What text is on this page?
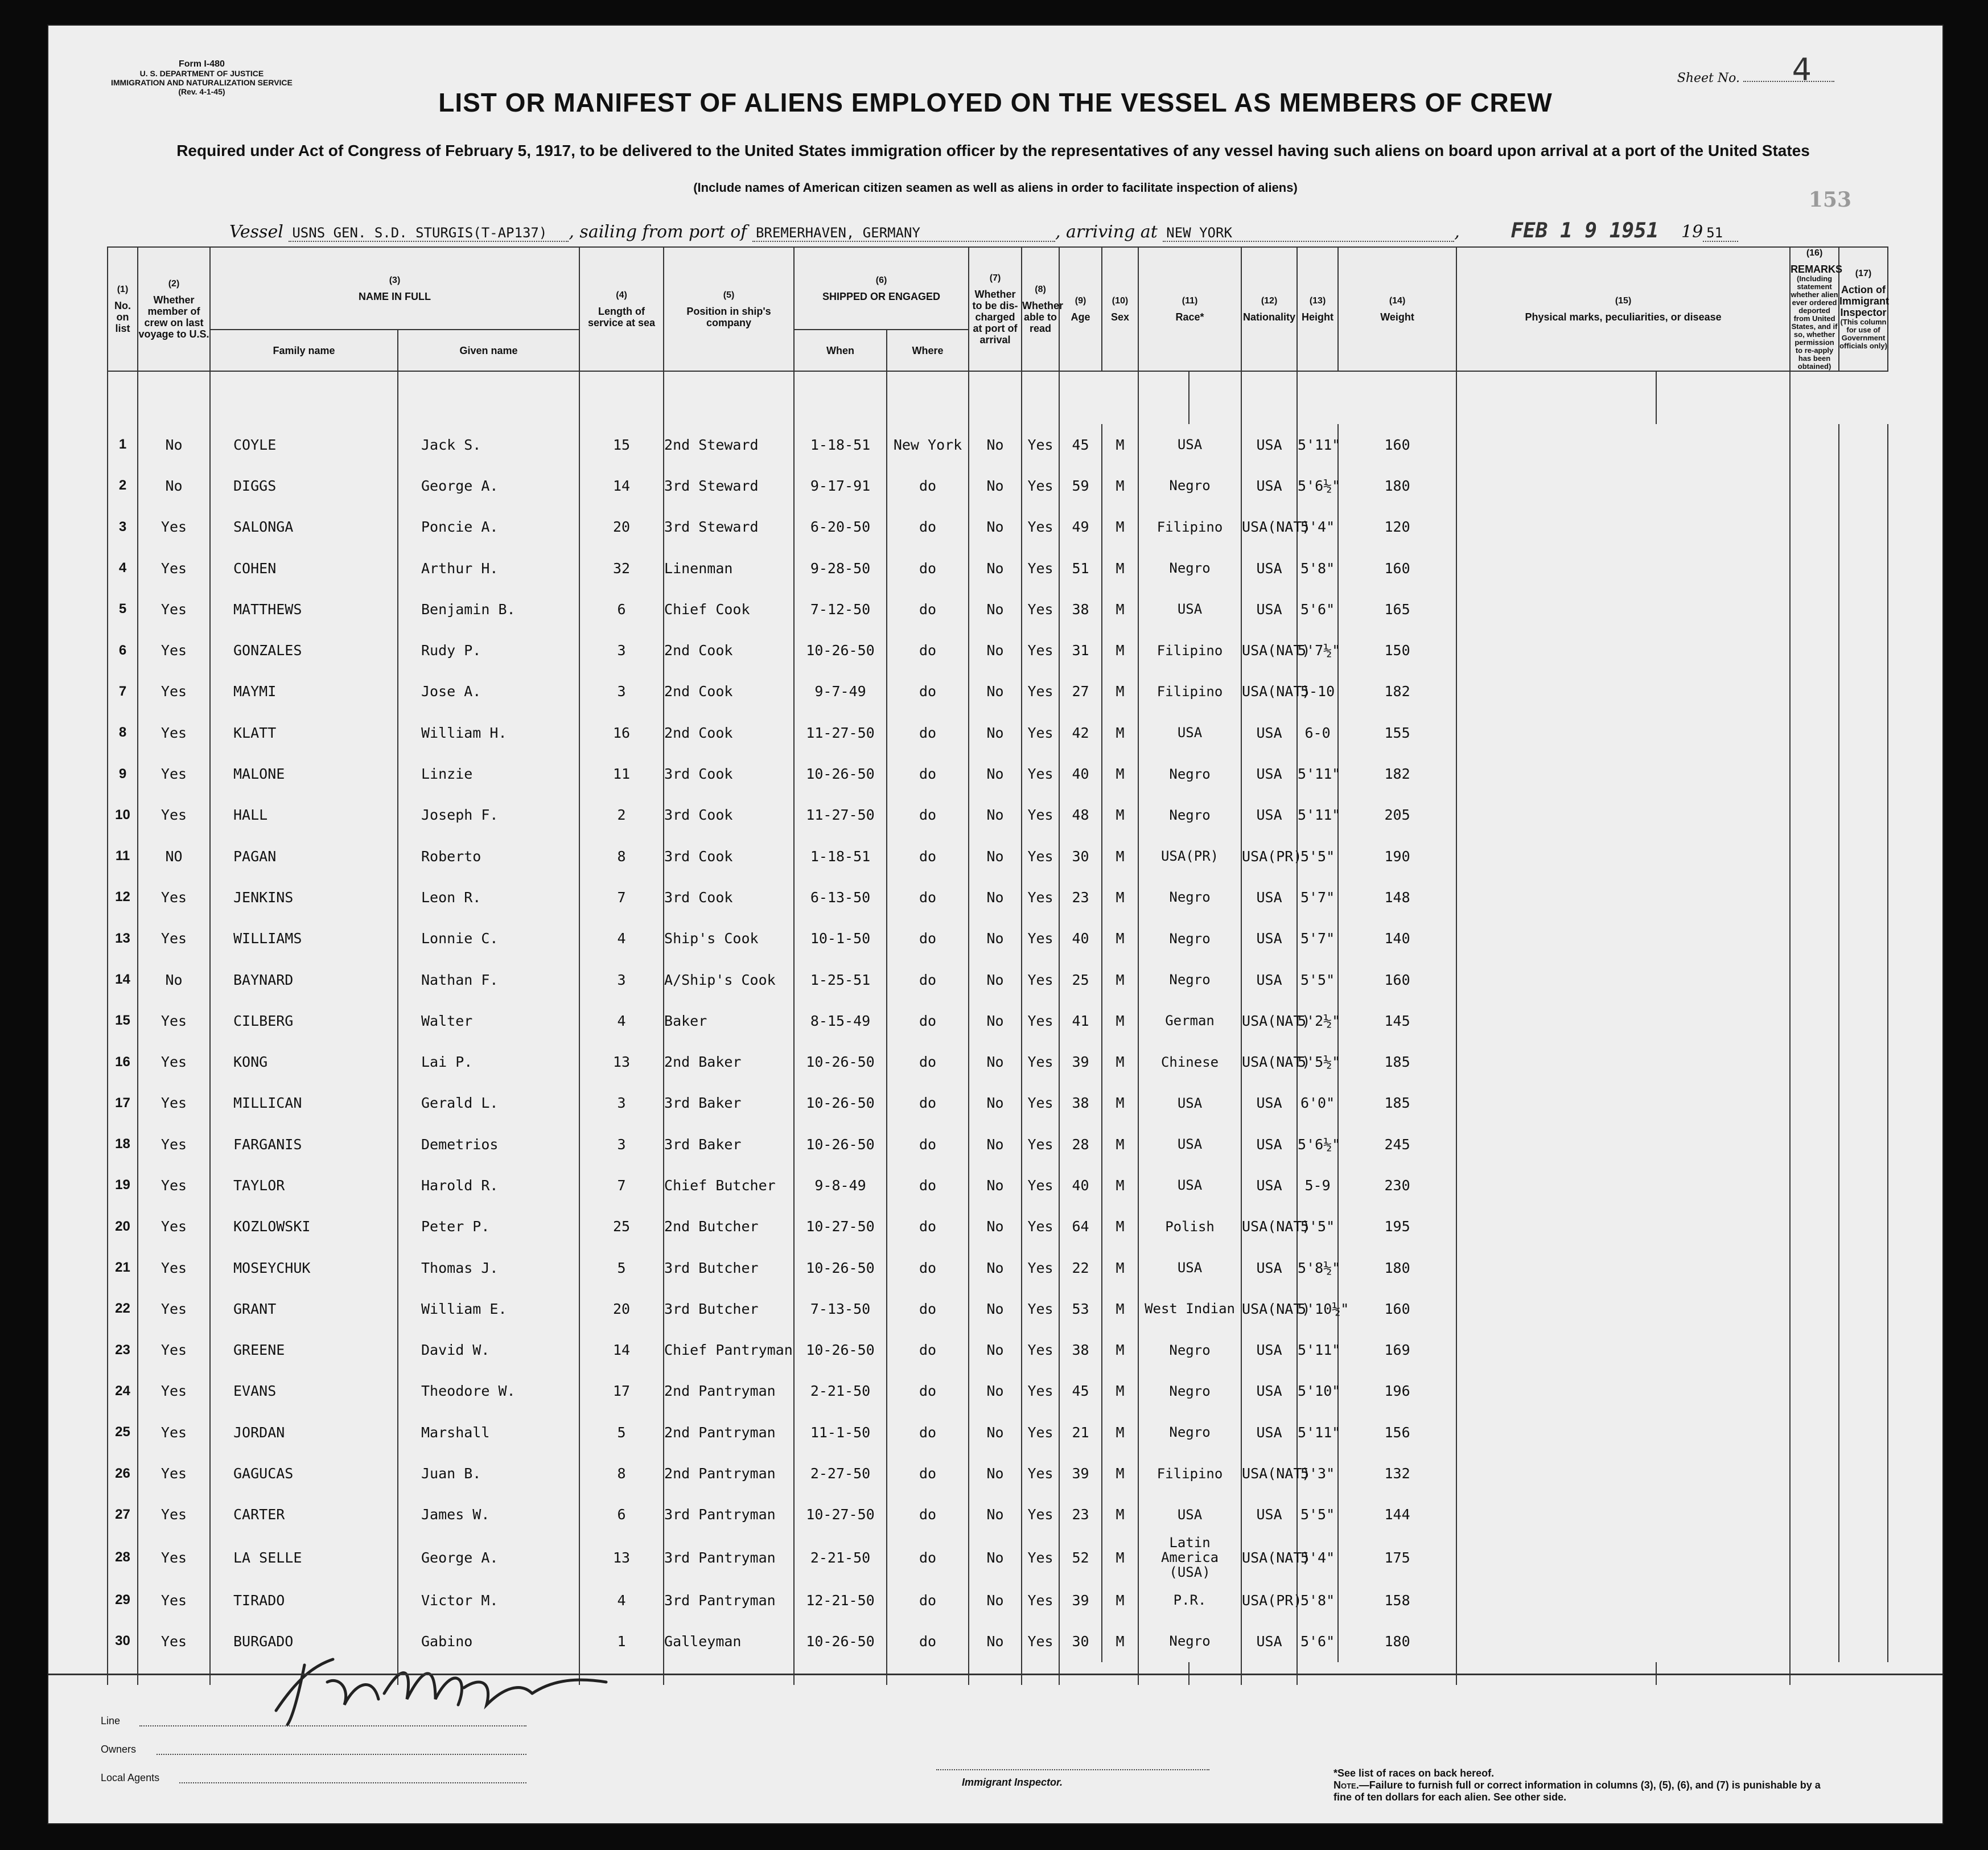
Form I-480
U. S. DEPARTMENT OF JUSTICE
IMMIGRATION AND NATURALIZATION SERVICE
(Rev. 4-1-45)
Sheet No. 4
LIST OR MANIFEST OF ALIENS EMPLOYED ON THE VESSEL AS MEMBERS OF CREW
Required under Act of Congress of February 5, 1917, to be delivered to the United States immigration officer by the representatives of any vessel having such aliens on board upon arrival at a port of the United States
(Include names of American citizen seamen as well as aliens in order to facilitate inspection of aliens)
153
Vessel USNS GEN. S.D. STURGIS(T-AP137) , sailing from port of BREMERHAVEN, GERMANY	, arriving at NEW YORK	, FEB 1 9 1951 19 51
(1)
No. on list	(2)
Whether member of crew on last voyage to U.S.	(3)
NAME IN FULL		(4)
Length of service at sea	(5)
Position in ship's company	(6)
SHIPPED OR ENGAGED		(7)
Whether to be dis-charged at port of arrival	(8)
Whether able to read	(9)
Age	(10)
Sex	(11)
Race*		(12)
Nationality	(13)
Height	(14)
Weight	(15)
Physical marks, peculiarities, or disease		(16)
REMARKS

(Including statement whether alien ever ordered deported from United States, and if so, whether permission to re-apply has been obtained)	(17)
Action of Immigrant Inspector

(This column for use of Government officials only)

		Family name	Given name			When	Where													

1	No	COYLE	Jack S.	15	2nd Steward	1-18-51	New York	No	Yes	45	M	USA		USA	5'11"	160				
2	No	DIGGS	George A.	14	3rd Steward	9-17-91	do	No	Yes	59	M	Negro		USA	5'6½"	180				
3	Yes	SALONGA	Poncie A.	20	3rd Steward	6-20-50	do	No	Yes	49	M	Filipino		USA(NAT)	5'4"	120				
4	Yes	COHEN	Arthur H.	32	Linenman	9-28-50	do	No	Yes	51	M	Negro		USA	5'8"	160				
5	Yes	MATTHEWS	Benjamin B.	6	Chief Cook	7-12-50	do	No	Yes	38	M	USA		USA	5'6"	165				
6	Yes	GONZALES	Rudy P.	3	2nd Cook	10-26-50	do	No	Yes	31	M	Filipino		USA(NAT)	5'7½"	150				
7	Yes	MAYMI	Jose A.	3	2nd Cook	9-7-49	do	No	Yes	27	M	Filipino		USA(NAT)	5-10	182				
8	Yes	KLATT	William H.	16	2nd Cook	11-27-50	do	No	Yes	42	M	USA		USA	6-0	155				
9	Yes	MALONE	Linzie	11	3rd Cook	10-26-50	do	No	Yes	40	M	Negro		USA	5'11"	182				
10	Yes	HALL	Joseph F.	2	3rd Cook	11-27-50	do	No	Yes	48	M	Negro		USA	5'11"	205				
11	NO	PAGAN	Roberto	8	3rd Cook	1-18-51	do	No	Yes	30	M	USA(PR)		USA(PR)	5'5"	190				
12	Yes	JENKINS	Leon R.	7	3rd Cook	6-13-50	do	No	Yes	23	M	Negro		USA	5'7"	148				
13	Yes	WILLIAMS	Lonnie C.	4	Ship's Cook	10-1-50	do	No	Yes	40	M	Negro		USA	5'7"	140				
14	No	BAYNARD	Nathan F.	3	A/Ship's Cook	1-25-51	do	No	Yes	25	M	Negro		USA	5'5"	160				
15	Yes	CILBERG	Walter	4	Baker	8-15-49	do	No	Yes	41	M	German		USA(NAT)	5'2½"	145				
16	Yes	KONG	Lai P.	13	2nd Baker	10-26-50	do	No	Yes	39	M	Chinese		USA(NAT)	5'5½"	185				
17	Yes	MILLICAN	Gerald L.	3	3rd Baker	10-26-50	do	No	Yes	38	M	USA		USA	6'0"	185				
18	Yes	FARGANIS	Demetrios	3	3rd Baker	10-26-50	do	No	Yes	28	M	USA		USA	5'6½"	245				
19	Yes	TAYLOR	Harold R.	7	Chief Butcher	9-8-49	do	No	Yes	40	M	USA		USA	5-9	230				
20	Yes	KOZLOWSKI	Peter P.	25	2nd Butcher	10-27-50	do	No	Yes	64	M	Polish		USA(NAT)	5'5"	195				
21	Yes	MOSEYCHUK	Thomas J.	5	3rd Butcher	10-26-50	do	No	Yes	22	M	USA		USA	5'8½"	180				
22	Yes	GRANT	William E.	20	3rd Butcher	7-13-50	do	No	Yes	53	M	West Indian		USA(NAT)	5'10½"	160				
23	Yes	GREENE	David W.	14	Chief Pantryman	10-26-50	do	No	Yes	38	M	Negro		USA	5'11"	169				
24	Yes	EVANS	Theodore W.	17	2nd Pantryman	2-21-50	do	No	Yes	45	M	Negro		USA	5'10"	196				
25	Yes	JORDAN	Marshall	5	2nd Pantryman	11-1-50	do	No	Yes	21	M	Negro		USA	5'11"	156				
26	Yes	GAGUCAS	Juan B.	8	2nd Pantryman	2-27-50	do	No	Yes	39	M	Filipino		USA(NAT)	5'3"	132				
27	Yes	CARTER	James W.	6	3rd Pantryman	10-27-50	do	No	Yes	23	M	USA		USA	5'5"	144				
28	Yes	LA SELLE	George A.	13	3rd Pantryman	2-21-50	do	No	Yes	52	M	Latin America (USA)		USA(NAT)	5'4"	175				
29	Yes	TIRADO	Victor M.	4	3rd Pantryman	12-21-50	do	No	Yes	39	M	P.R.		USA(PR)	5'8"	158				
30	Yes	BURGADO	Gabino	1	Galleyman	10-26-50	do	No	Yes	30	M	Negro		USA	5'6"	180				

Line
Owners
Local Agents	Immigrant Inspector.
*See list of races on back hereof.
Note.—Failure to furnish full or correct information in columns (3), (5), (6), and (7) is punishable by a fine of ten dollars for each alien. See other side.
